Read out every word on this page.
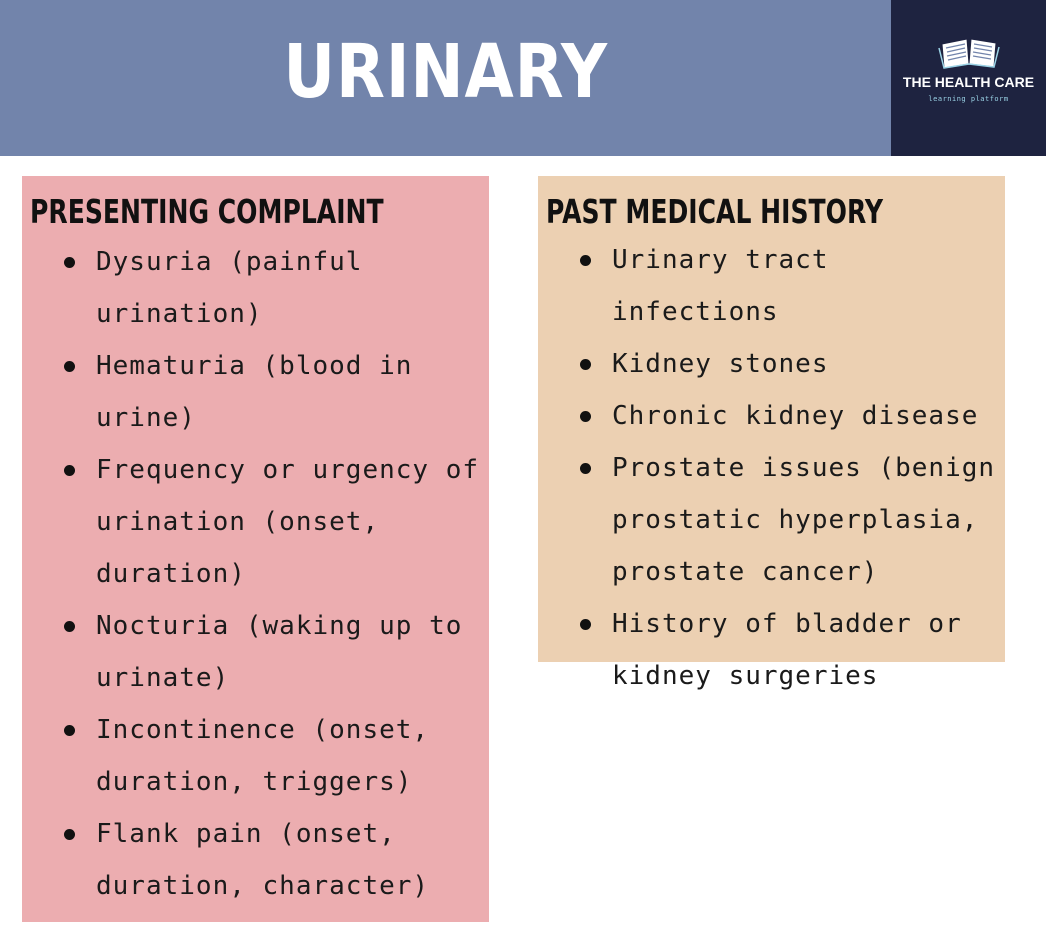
URINARY	THE HEALTH CARE
learning platform
PRESENTING COMPLAINT
Dysuria (painful urination)
Hematuria (blood in urine)
Frequency or urgency of urination (onset, duration)
Nocturia (waking up to urinate)
Incontinence (onset, duration, triggers)
Flank pain (onset, duration, character)
PAST MEDICAL HISTORY
Urinary tract infections
Kidney stones
Chronic kidney disease
Prostate issues (benign prostatic hyperplasia, prostate cancer)
History of bladder or kidney surgeries
